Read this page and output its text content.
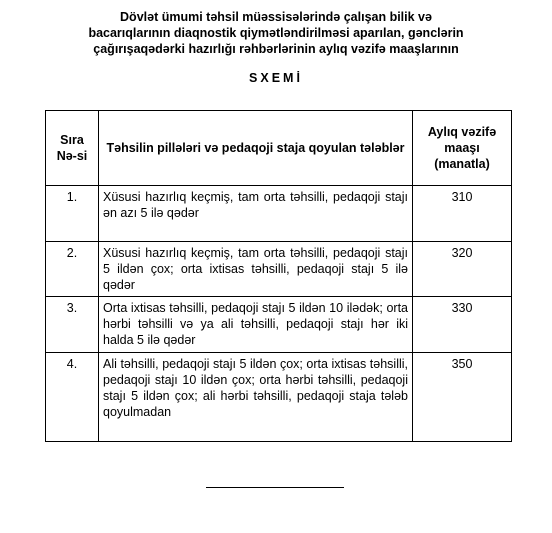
Dövlət ümumi təhsil müəssisələrində çalışan bilik və
bacarıqlarının diaqnostik qiymətləndirilməsi aparılan, gənclərin
çağırışaqədərki hazırlığı rəhbərlərinin aylıq vəzifə maaşlarının
SXEMİ
Sıra Nə-si	Təhsilin pillələri və pedaqoji staja qoyulan tələblər	Aylıq vəzifə maaşı (manatla)
1.	Xüsusi hazırlıq keçmiş, tam orta təhsilli, pedaqoji stajı ən azı 5 ilə qədər	310
2.	Xüsusi hazırlıq keçmiş, tam orta təhsilli, pedaqoji stajı 5 ildən çox; orta ixtisas təhsilli, pedaqoji stajı 5 ilə qədər	320
3.	Orta ixtisas təhsilli, pedaqoji stajı 5 ildən 10 ilədək; orta hərbi təhsilli və ya ali təhsilli, pedaqoji stajı hər iki halda 5 ilə qədər	330
4.	Ali təhsilli, pedaqoji stajı 5 ildən çox; orta ixtisas təhsilli, pedaqoji stajı 10 ildən çox; orta hərbi təhsilli, pedaqoji stajı 5 ildən çox; ali hərbi təhsilli, pedaqoji staja tələb qoyulmadan	350
